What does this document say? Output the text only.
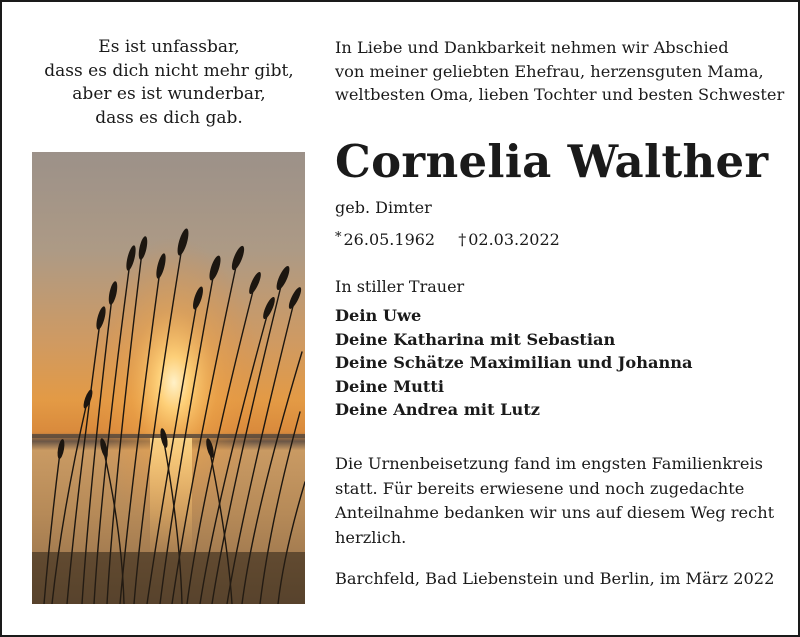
Es ist unfassbar,
dass es dich nicht mehr gibt,
aber es ist wunderbar,
dass es dich gab.
In Liebe und Dankbarkeit nehmen wir Abschied
von meiner geliebten Ehefrau, herzensguten Mama,
weltbesten Oma, lieben Tochter und besten Schwester
Cornelia Walther
geb. Dimter
* 26.05.1962 † 02.03.2022
In stiller Trauer
Dein Uwe
Deine Katharina mit Sebastian
Deine Schätze Maximilian und Johanna
Deine Mutti
Deine Andrea mit Lutz
Die Urnenbeisetzung fand im engsten Familienkreis
statt. Für bereits erwiesene und noch zugedachte
Anteilnahme bedanken wir uns auf diesem Weg recht
herzlich.
Barchfeld, Bad Liebenstein und Berlin, im März 2022
